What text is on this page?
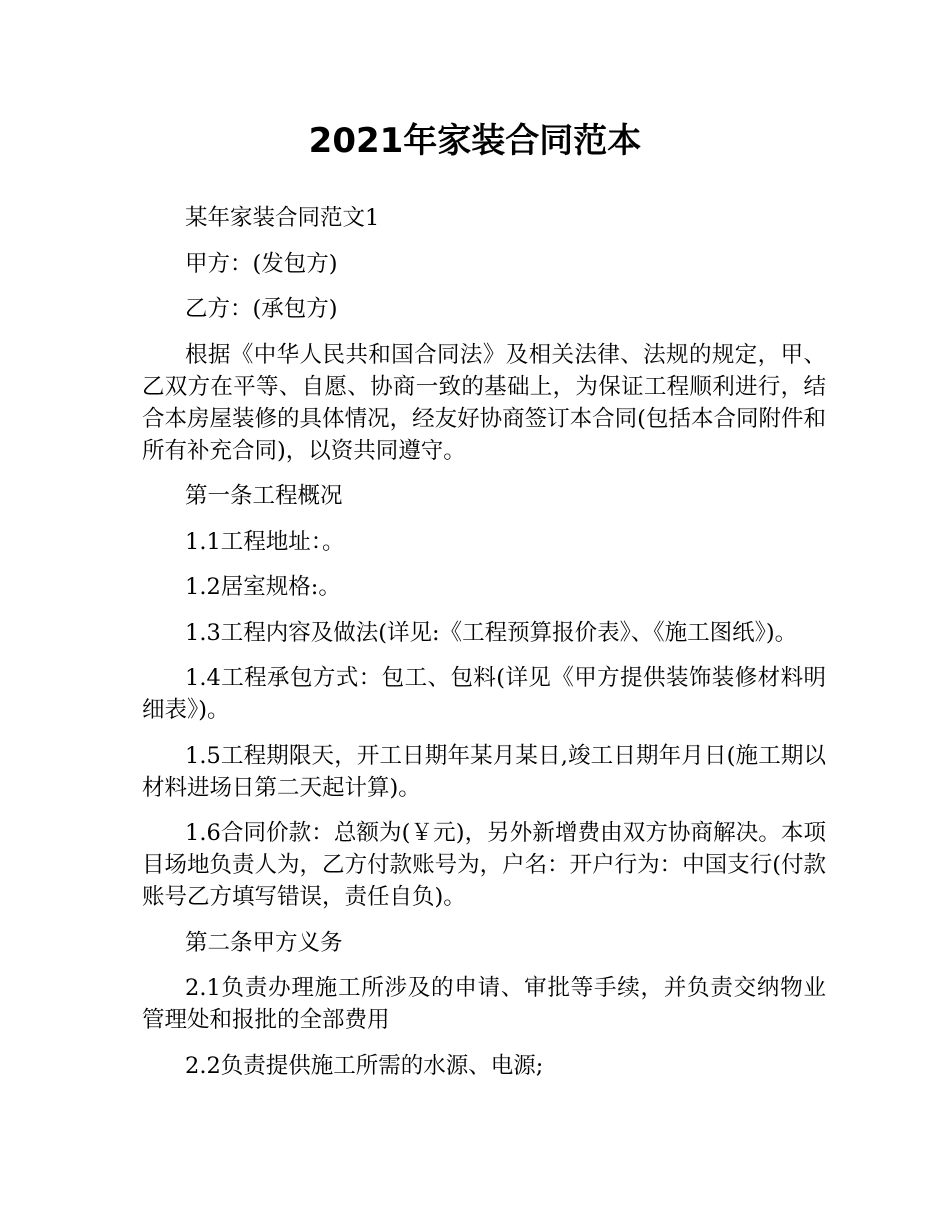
2021年家装合同范本

某年家装合同范文1

甲方：(发包方)

乙方：(承包方)

根据《中华人民共和国合同法》及相关法律、法规的规定，甲、乙双方在平等、自愿、协商一致的基础上，为保证工程顺利进行，结合本房屋装修的具体情况，经友好协商签订本合同(包括本合同附件和所有补充合同)，以资共同遵守。

第一条工程概况

1.1工程地址：。

1.2居室规格:。

1.3工程内容及做法(详见:《工程预算报价表》、《施工图纸》)。

1.4工程承包方式：包工、包料(详见《甲方提供装饰装修材料明细表》)。

1.5工程期限天，开工日期年某月某日,竣工日期年月日(施工期以材料进场日第二天起计算)。

1.6合同价款：总额为(￥元)，另外新增费由双方协商解决。本项目场地负责人为，乙方付款账号为，户名：开户行为：中国支行(付款账号乙方填写错误，责任自负)。

第二条甲方义务

2.1负责办理施工所涉及的申请、审批等手续，并负责交纳物业管理处和报批的全部费用

2.2负责提供施工所需的水源、电源;
